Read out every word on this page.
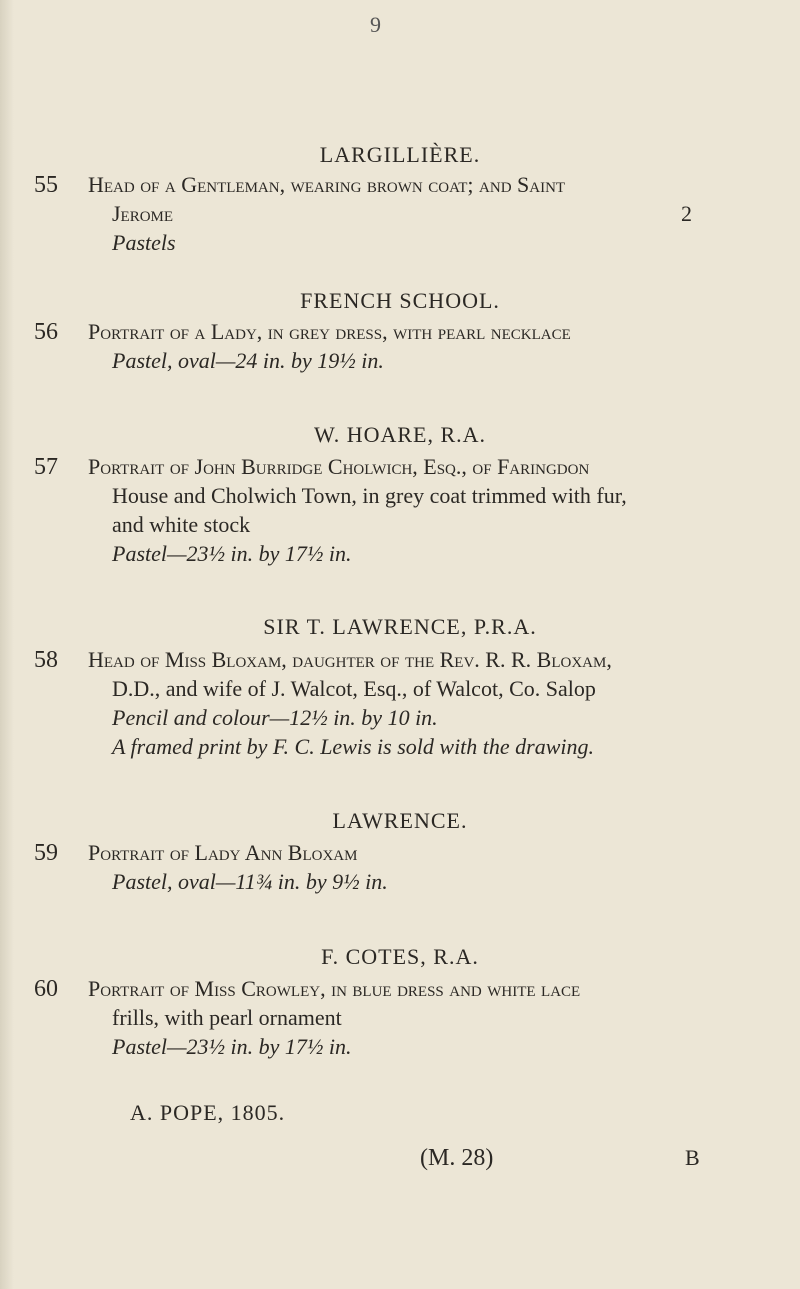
9
LARGILLIÈRE.
55 Head of a Gentleman, wearing brown coat; and Saint
Jerome	2
Pastels
FRENCH SCHOOL.
56 Portrait of a Lady, in grey dress, with pearl necklace
Pastel, oval—24 in. by 19½ in.
W. HOARE, R.A.
57 Portrait of John Burridge Cholwich, Esq., of Faringdon
House and Cholwich Town, in grey coat trimmed with fur,
and white stock
Pastel—23½ in. by 17½ in.
SIR T. LAWRENCE, P.R.A.
58 Head of Miss Bloxam, daughter of the Rev. R. R. Bloxam,
D.D., and wife of J. Walcot, Esq., of Walcot, Co. Salop
Pencil and colour—12½ in. by 10 in.
A framed print by F. C. Lewis is sold with the drawing.
LAWRENCE.
59 Portrait of Lady Ann Bloxam
Pastel, oval—11¾ in. by 9½ in.
F. COTES, R.A.
60 Portrait of Miss Crowley, in blue dress and white lace
frills, with pearl ornament
Pastel—23½ in. by 17½ in.
A. POPE, 1805.
(M. 28)	B
